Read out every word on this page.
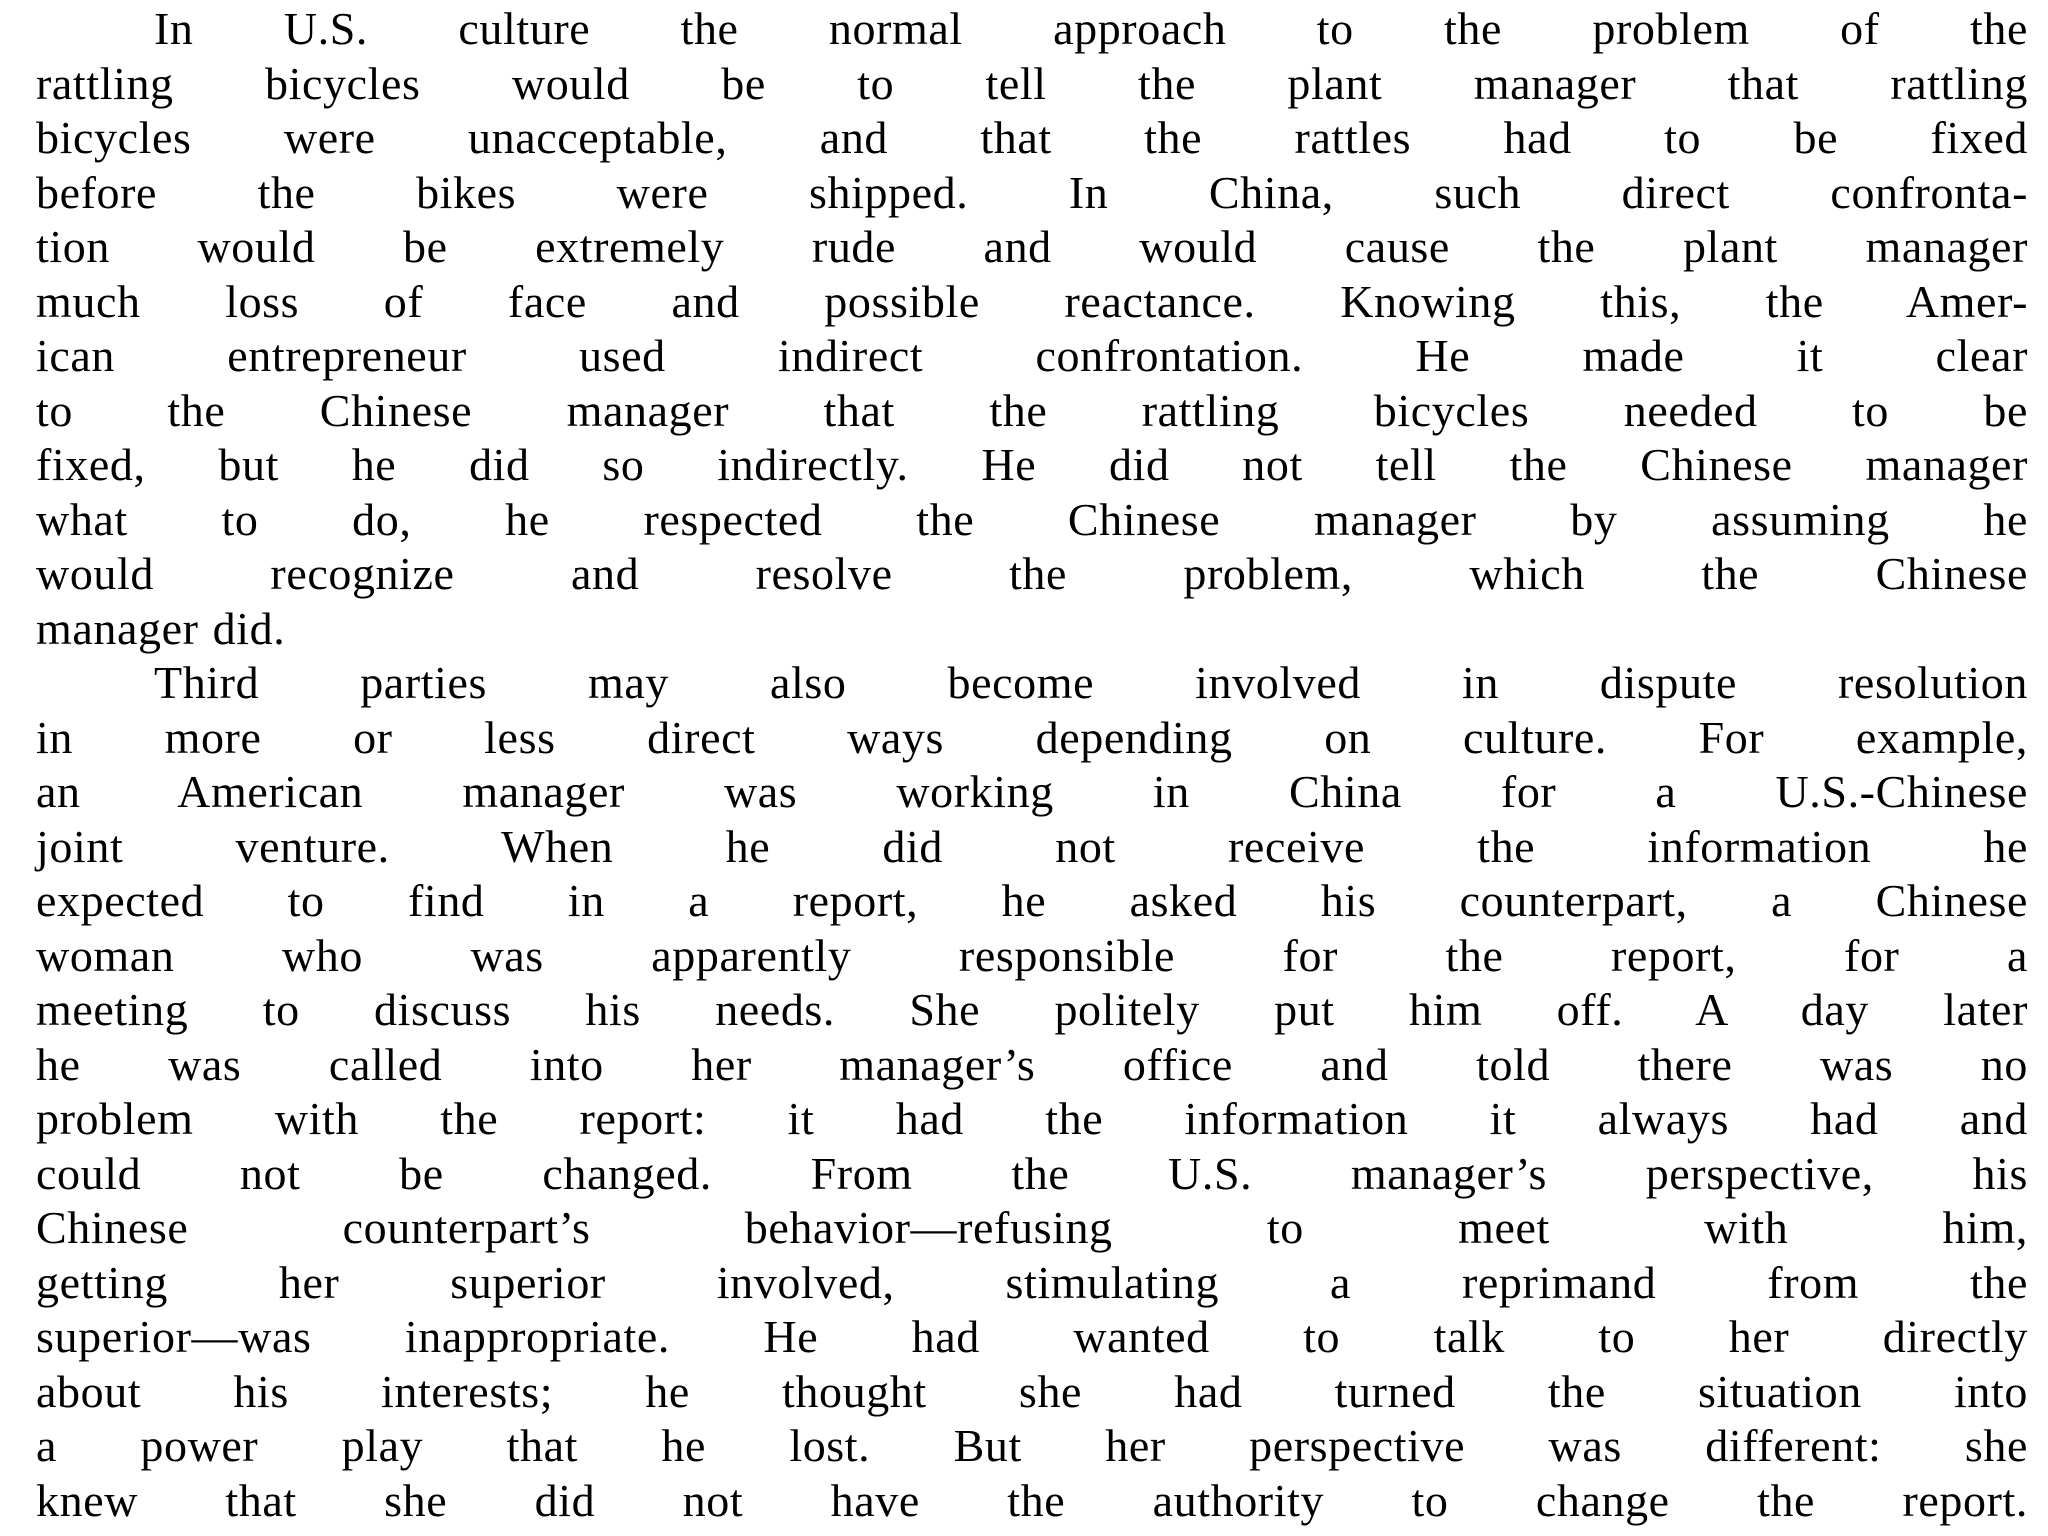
In U.S. culture the normal approach to the problem of the
rattling bicycles would be to tell the plant manager that rattling
bicycles were unacceptable, and that the rattles had to be fixed
before the bikes were shipped. In China, such direct confronta-
tion would be extremely rude and would cause the plant manager
much loss of face and possible reactance. Knowing this, the Amer-
ican entrepreneur used indirect confrontation. He made it clear
to the Chinese manager that the rattling bicycles needed to be
fixed, but he did so indirectly. He did not tell the Chinese manager
what to do, he respected the Chinese manager by assuming he
would recognize and resolve the problem, which the Chinese
manager did.
Third parties may also become involved in dispute resolution
in more or less direct ways depending on culture. For example,
an American manager was working in China for a U.S.-Chinese
joint venture. When he did not receive the information he
expected to find in a report, he asked his counterpart, a Chinese
woman who was apparently responsible for the report, for a
meeting to discuss his needs. She politely put him off. A day later
he was called into her manager’s office and told there was no
problem with the report: it had the information it always had and
could not be changed. From the U.S. manager’s perspective, his
Chinese counterpart’s behavior—refusing to meet with him,
getting her superior involved, stimulating a reprimand from the
superior—was inappropriate. He had wanted to talk to her directly
about his interests; he thought she had turned the situation into
a power play that he lost. But her perspective was different: she
knew that she did not have the authority to change the report.
